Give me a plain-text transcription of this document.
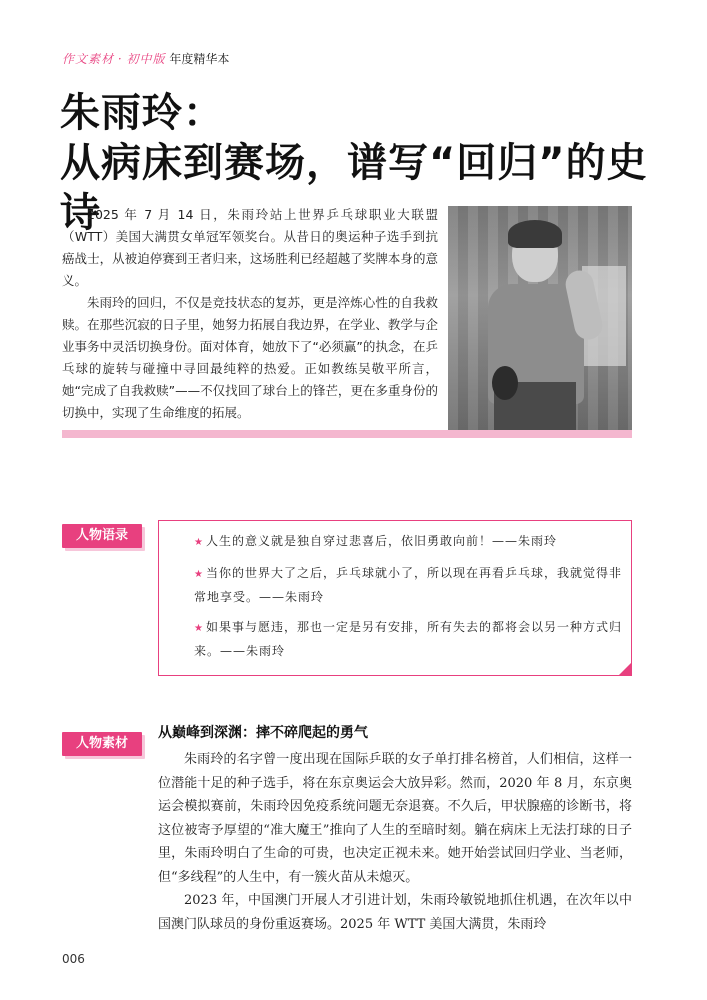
作文素材 · 初中版 年度精华本
朱雨玲：
从病床到赛场，谱写“回归”的史诗

2025 年 7 月 14 日，朱雨玲站上世界乒乓球职业大联盟（WTT）美国大满贯女单冠军领奖台。从昔日的奥运种子选手到抗癌战士，从被迫停赛到王者归来，这场胜利已经超越了奖牌本身的意义。

朱雨玲的回归，不仅是竞技状态的复苏，更是淬炼心性的自我救赎。在那些沉寂的日子里，她努力拓展自我边界，在学业、教学与企业事务中灵活切换身份。面对体育，她放下了“必须赢”的执念，在乒乓球的旋转与碰撞中寻回最纯粹的热爱。正如教练吴敬平所言，她“完成了自我救赎”——不仅找回了球台上的锋芒，更在多重身份的切换中，实现了生命维度的拓展。

人物语录	★ 人生的意义就是独自穿过悲喜后，依旧勇敢向前！——朱雨玲

★ 当你的世界大了之后，乒乓球就小了，所以现在再看乒乓球，我就觉得非常地享受。——朱雨玲

★ 如果事与愿违，那也一定是另有安排，所有失去的都将会以另一种方式归来。——朱雨玲

人物素材
从巅峰到深渊：摔不碎爬起的勇气

朱雨玲的名字曾一度出现在国际乒联的女子单打排名榜首，人们相信，这样一位潜能十足的种子选手，将在东京奥运会大放异彩。然而，2020 年 8 月，东京奥运会模拟赛前，朱雨玲因免疫系统问题无奈退赛。不久后，甲状腺癌的诊断书，将这位被寄予厚望的“准大魔王”推向了人生的至暗时刻。躺在病床上无法打球的日子里，朱雨玲明白了生命的可贵，也决定正视未来。她开始尝试回归学业、当老师，但“多线程”的人生中，有一簇火苗从未熄灭。

2023 年，中国澳门开展人才引进计划，朱雨玲敏锐地抓住机遇，在次年以中国澳门队球员的身份重返赛场。2025 年 WTT 美国大满贯，朱雨玲

006
